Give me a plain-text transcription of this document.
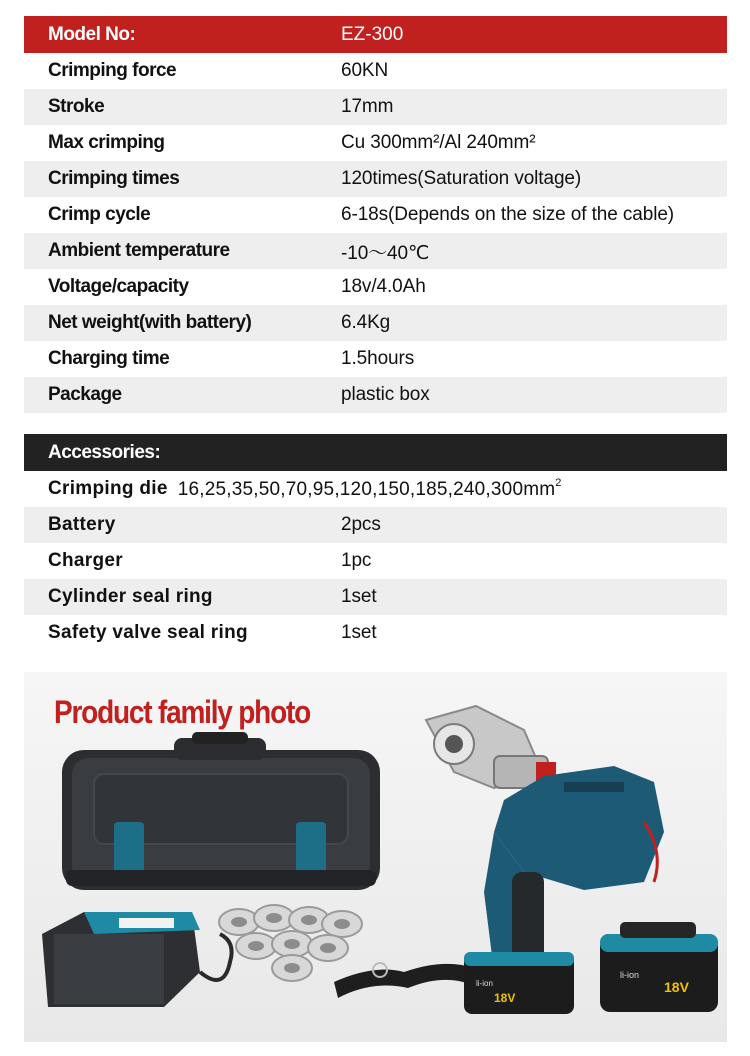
Model No:	EZ-300
Crimping force	60KN
Stroke	17mm
Max crimping	Cu 300mm²/Al 240mm²
Crimping times	120times(Saturation voltage)
Crimp cycle	6-18s(Depends on the size of the cable)
Ambient temperature	-10～40℃
Voltage/capacity	18v/4.0Ah
Net weight(with battery)	6.4Kg
Charging time	1.5hours
Package	plastic box
Accessories:
Crimping die $16,25,35,50,70,95,120,150,185,240,300mm^2$
Battery	2pcs
Charger	1pc
Cylinder seal ring	1set
Safety valve seal ring	1set
18V
li-ion	18V
li-ion
Product family photo
